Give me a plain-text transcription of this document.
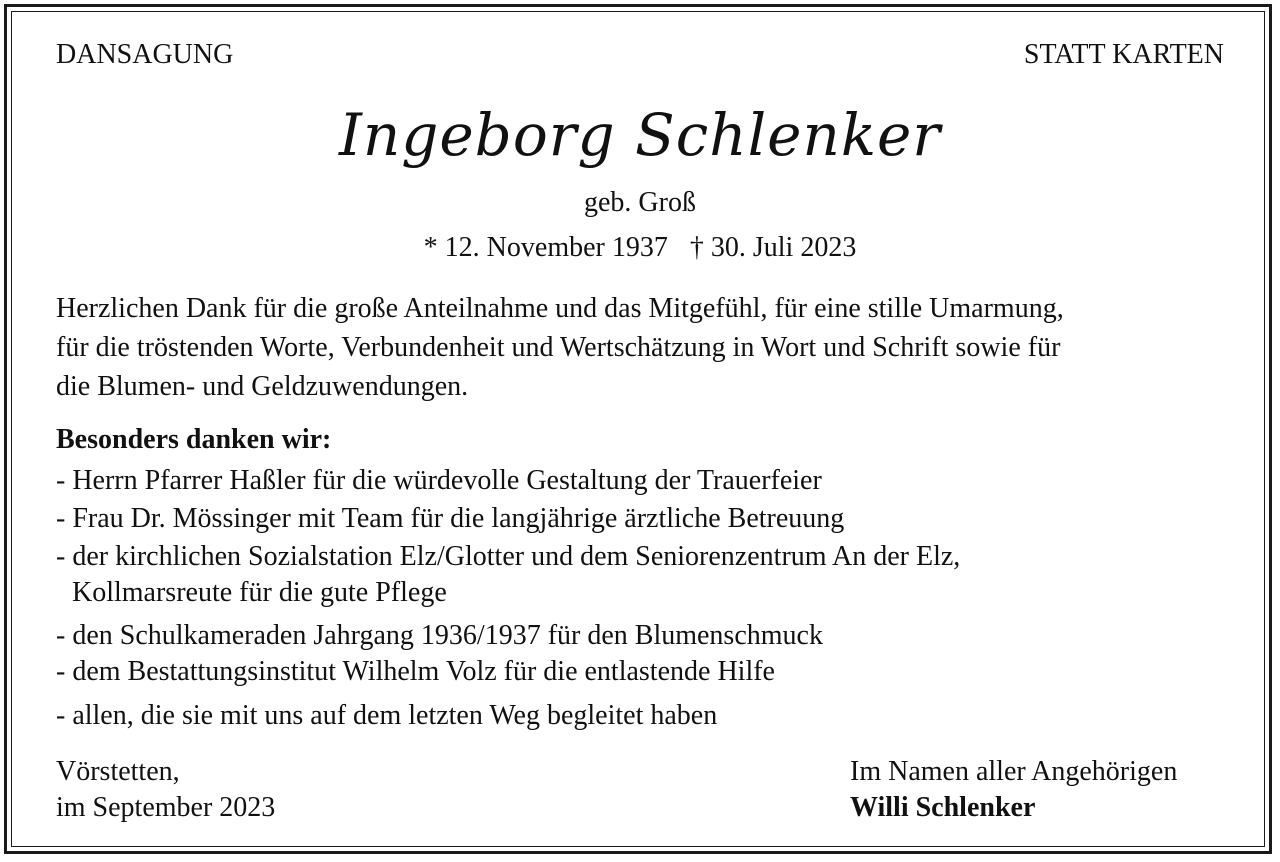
DANSAGUNG	STATT KARTEN
Ingeborg Schlenker
geb. Groß
* 12. November 1937 † 30. Juli 2023
Herzlichen Dank für die große Anteilnahme und das Mitgefühl, für eine stille Umarmung,
für die tröstenden Worte, Verbundenheit und Wertschätzung in Wort und Schrift sowie für
die Blumen- und Geldzuwendungen.
Besonders danken wir:
- Herrn Pfarrer Haßler für die würdevolle Gestaltung der Trauerfeier
- Frau Dr. Mössinger mit Team für die langjährige ärztliche Betreuung
- der kirchlichen Sozialstation Elz/Glotter und dem Seniorenzentrum An der Elz,
Kollmarsreute für die gute Pflege
- den Schulkameraden Jahrgang 1936/1937 für den Blumenschmuck
- dem Bestattungsinstitut Wilhelm Volz für die entlastende Hilfe
- allen, die sie mit uns auf dem letzten Weg begleitet haben
Vörstetten,
im September 2023
Im Namen aller Angehörigen
Willi Schlenker
